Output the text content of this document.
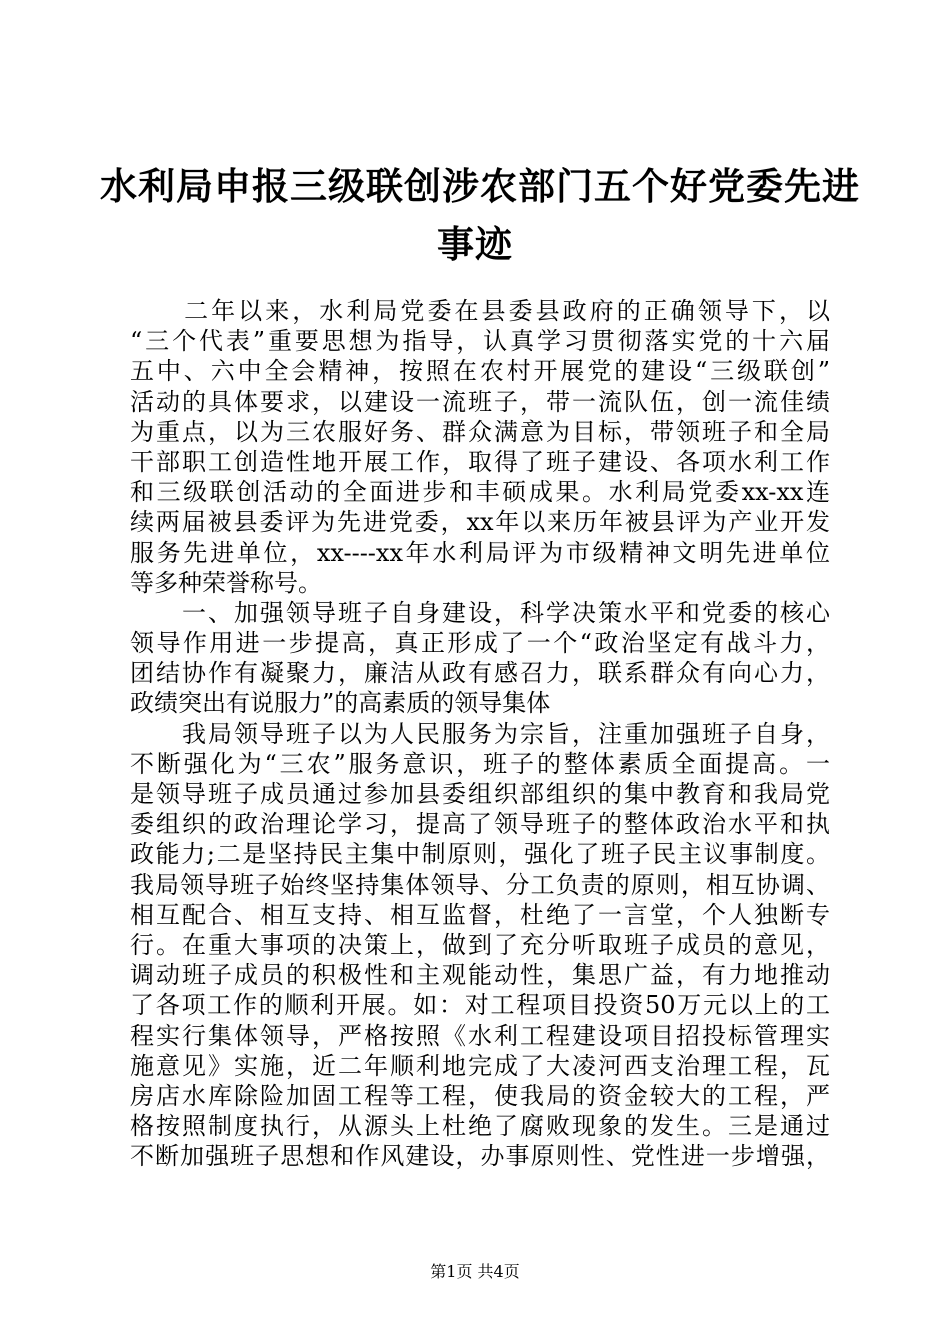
水利局申报三级联创涉农部门五个好党委先进
事迹
　　二年以来，水利局党委在县委县政府的正确领导下，以
“三个代表”重要思想为指导，认真学习贯彻落实党的十六届
五中、六中全会精神，按照在农村开展党的建设“三级联创”
活动的具体要求，以建设一流班子，带一流队伍，创一流佳绩
为重点，以为三农服好务、群众满意为目标，带领班子和全局
干部职工创造性地开展工作，取得了班子建设、各项水利工作
和三级联创活动的全面进步和丰硕成果。水利局党委xx-xx连
续两届被县委评为先进党委，xx年以来历年被县评为产业开发
服务先进单位，xx----xx年水利局评为市级精神文明先进单位
等多种荣誉称号。
　　一、加强领导班子自身建设，科学决策水平和党委的核心
领导作用进一步提高，真正形成了一个“政治坚定有战斗力，
团结协作有凝聚力，廉洁从政有感召力，联系群众有向心力，
政绩突出有说服力”的高素质的领导集体
　　我局领导班子以为人民服务为宗旨，注重加强班子自身，
不断强化为“三农”服务意识，班子的整体素质全面提高。一
是领导班子成员通过参加县委组织部组织的集中教育和我局党
委组织的政治理论学习，提高了领导班子的整体政治水平和执
政能力;二是坚持民主集中制原则，强化了班子民主议事制度。
我局领导班子始终坚持集体领导、分工负责的原则，相互协调、
相互配合、相互支持、相互监督，杜绝了一言堂，个人独断专
行。在重大事项的决策上，做到了充分听取班子成员的意见，
调动班子成员的积极性和主观能动性，集思广益，有力地推动
了各项工作的顺利开展。如：对工程项目投资50万元以上的工
程实行集体领导，严格按照《水利工程建设项目招投标管理实
施意见》实施，近二年顺利地完成了大凌河西支治理工程，瓦
房店水库除险加固工程等工程，使我局的资金较大的工程，严
格按照制度执行，从源头上杜绝了腐败现象的发生。三是通过
不断加强班子思想和作风建设，办事原则性、党性进一步增强，
第1页 共4页
